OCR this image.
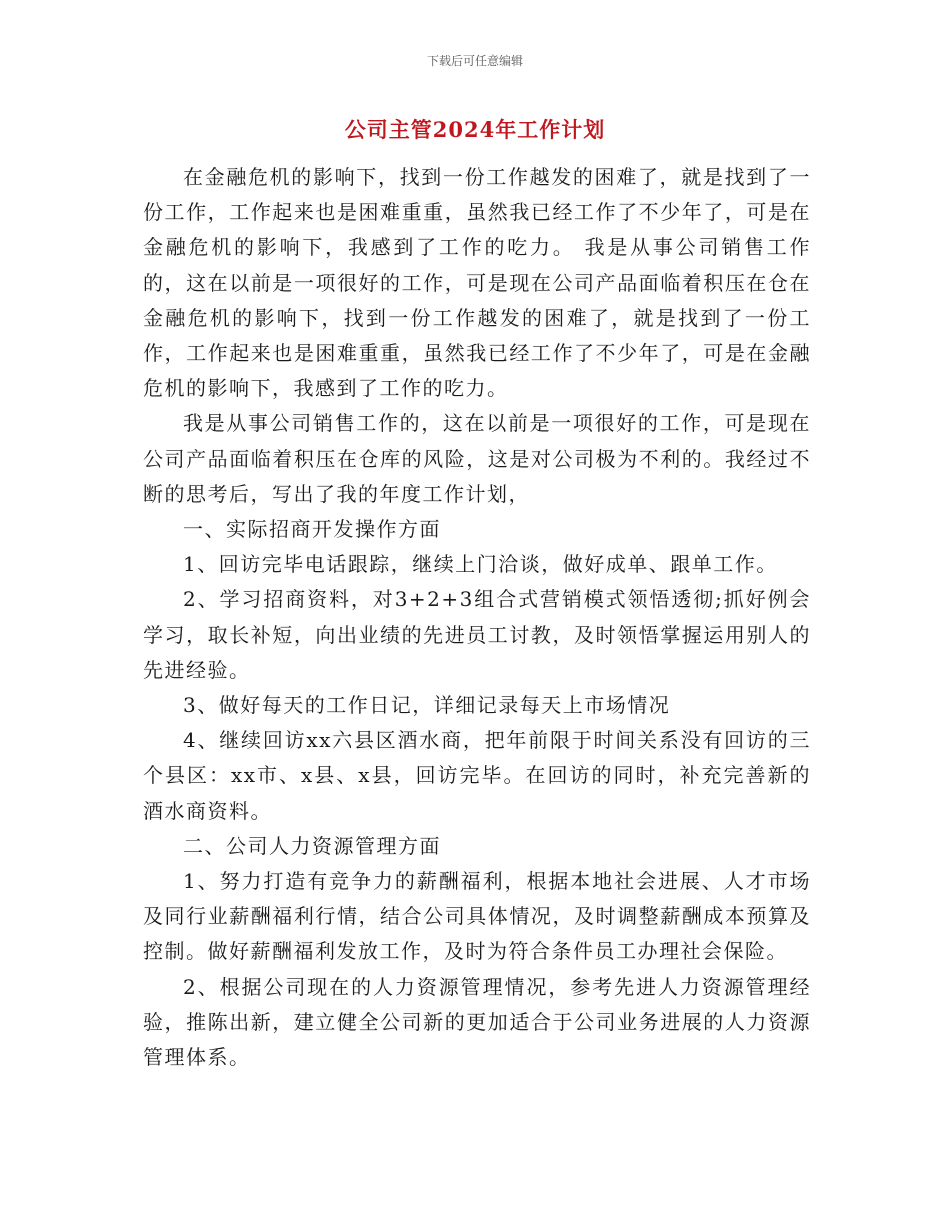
下载后可任意编辑
公司主管2024年工作计划

在金融危机的影响下，找到一份工作越发的困难了，就是找到了一份工作，工作起来也是困难重重，虽然我已经工作了不少年了，可是在金融危机的影响下，我感到了工作的吃力。 我是从事公司销售工作的，这在以前是一项很好的工作，可是现在公司产品面临着积压在仓在金融危机的影响下，找到一份工作越发的困难了，就是找到了一份工作，工作起来也是困难重重，虽然我已经工作了不少年了，可是在金融危机的影响下，我感到了工作的吃力。

我是从事公司销售工作的，这在以前是一项很好的工作，可是现在公司产品面临着积压在仓库的风险，这是对公司极为不利的。我经过不断的思考后，写出了我的年度工作计划，

一、实际招商开发操作方面

1、回访完毕电话跟踪，继续上门洽谈，做好成单、跟单工作。

2、学习招商资料，对3+2+3组合式营销模式领悟透彻;抓好例会学习，取长补短，向出业绩的先进员工讨教，及时领悟掌握运用别人的先进经验。

3、做好每天的工作日记，详细记录每天上市场情况

4、继续回访xx六县区酒水商，把年前限于时间关系没有回访的三个县区：xx市、x县、x县，回访完毕。在回访的同时，补充完善新的酒水商资料。

二、公司人力资源管理方面

1、努力打造有竞争力的薪酬福利，根据本地社会进展、人才市场及同行业薪酬福利行情，结合公司具体情况，及时调整薪酬成本预算及控制。做好薪酬福利发放工作，及时为符合条件员工办理社会保险。

2、根据公司现在的人力资源管理情况，参考先进人力资源管理经验，推陈出新，建立健全公司新的更加适合于公司业务进展的人力资源管理体系。
